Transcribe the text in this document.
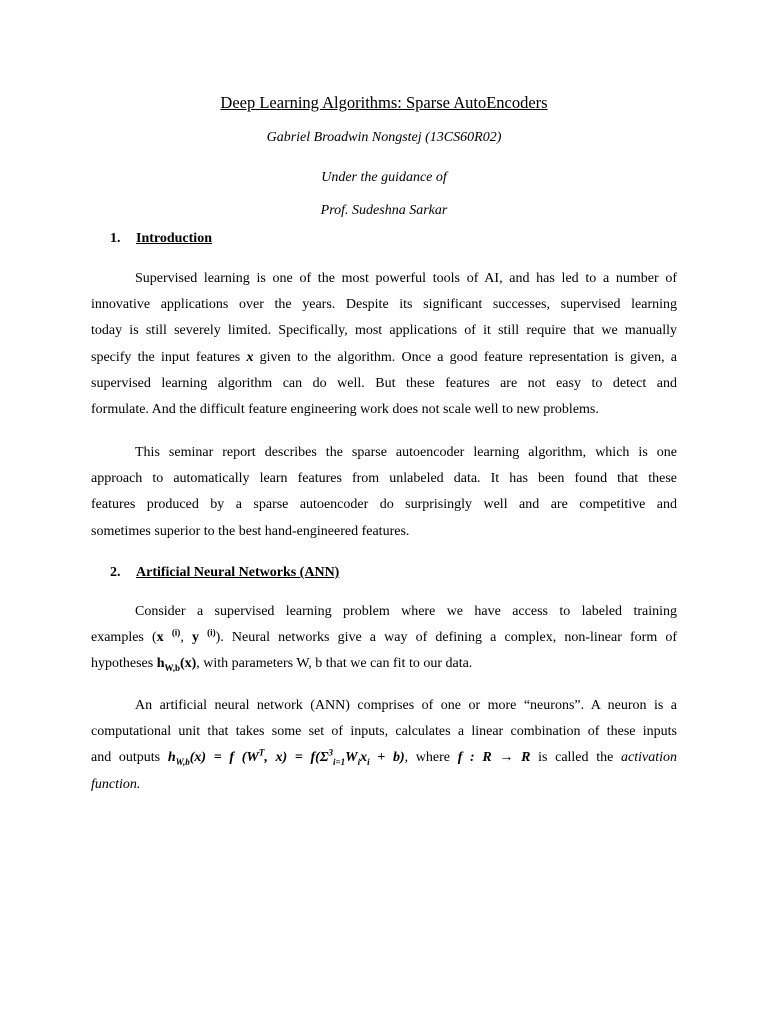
Deep Learning Algorithms: Sparse AutoEncoders
Gabriel Broadwin Nongstej (13CS60R02)
Under the guidance of
Prof. Sudeshna Sarkar
1. Introduction
Supervised learning is one of the most powerful tools of AI, and has led to a number of
innovative applications over the years. Despite its significant successes, supervised learning
today is still severely limited. Specifically, most applications of it still require that we manually
specify the input features x given to the algorithm. Once a good feature representation is given, a
supervised learning algorithm can do well. But these features are not easy to detect and
formulate. And the difficult feature engineering work does not scale well to new problems.
This seminar report describes the sparse autoencoder learning algorithm, which is one
approach to automatically learn features from unlabeled data. It has been found that these
features produced by a sparse autoencoder do surprisingly well and are competitive and
sometimes superior to the best hand-engineered features.
2. Artificial Neural Networks (ANN)
Consider a supervised learning problem where we have access to labeled training
examples (x $^{(i)}$, y $^{(i)}$). Neural networks give a way of defining a complex, non-linear form of
hypotheses $h_{W,b}(x)$, with parameters W, b that we can fit to our data.
An artificial neural network (ANN) comprises of one or more “neurons”. A neuron is a
computational unit that takes some set of inputs, calculates a linear combination of these inputs
and outputs $h_{W,b}(x) = f$ ($W^T$, $x) = f(\Sigma^3_{i=1}W_ix_i + b)$, where f : R → R is called the activation
function.
